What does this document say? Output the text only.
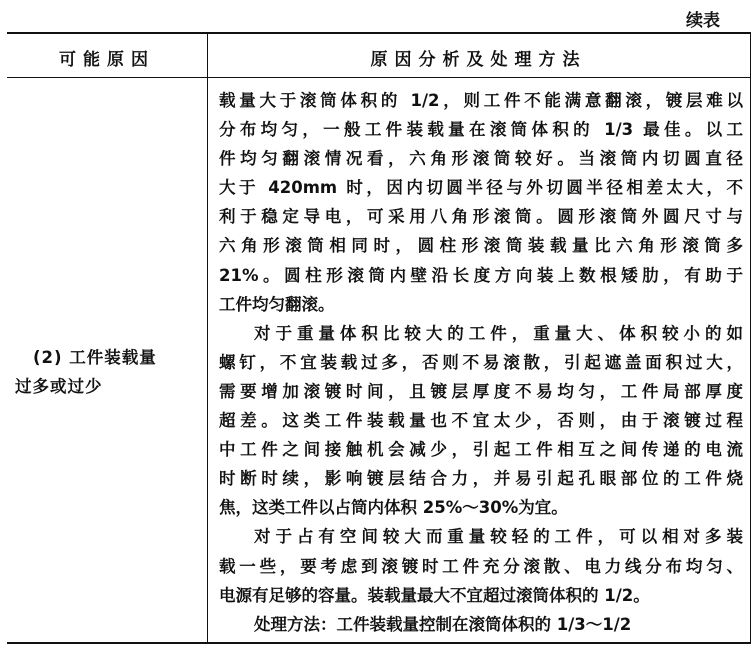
续表
可能原因	原因分析及处理方法
(2) 工件装载量
过多或过少
载量大于滚筒体积的 1/2，则工件不能满意翻滚，镀层难以
分布均匀，一般工件装载量在滚筒体积的 1/3 最佳。以工
件均匀翻滚情况看，六角形滚筒较好。当滚筒内切圆直径
大于 420mm 时，因内切圆半径与外切圆半径相差太大，不
利于稳定导电，可采用八角形滚筒。圆形滚筒外圆尺寸与
六角形滚筒相同时，圆柱形滚筒装载量比六角形滚筒多
21%。圆柱形滚筒内壁沿长度方向装上数根矮肋，有助于
工件均匀翻滚。
对于重量体积比较大的工件，重量大、体积较小的如
螺钉，不宜装载过多，否则不易滚散，引起遮盖面积过大，
需要增加滚镀时间，且镀层厚度不易均匀，工件局部厚度
超差。这类工件装载量也不宜太少，否则，由于滚镀过程
中工件之间接触机会减少，引起工件相互之间传递的电流
时断时续，影响镀层结合力，并易引起孔眼部位的工件烧
焦，这类工件以占筒内体积 25%～30%为宜。
对于占有空间较大而重量较轻的工件，可以相对多装
载一些，要考虑到滚镀时工件充分滚散、电力线分布均匀、
电源有足够的容量。装载量最大不宜超过滚筒体积的 1/2。
处理方法：工件装载量控制在滚筒体积的 1/3～1/2
